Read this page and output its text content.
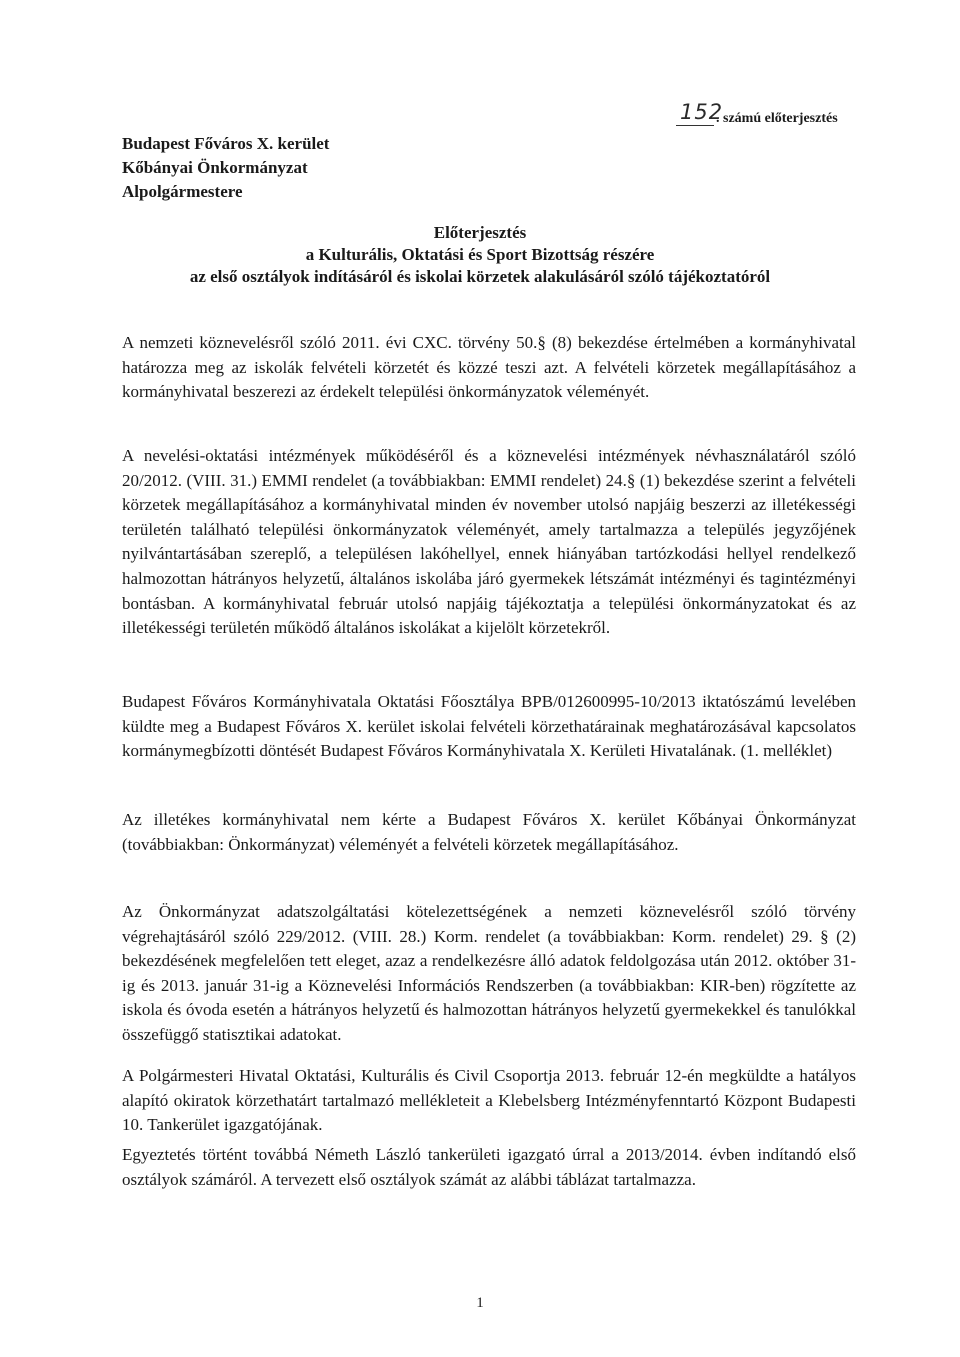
Budapest Főváros X. kerület
Kőbányai Önkormányzat
Alpolgármestere
152
. számú előterjesztés
Előterjesztés
a Kulturális, Oktatási és Sport Bizottság részére
az első osztályok indításáról és iskolai körzetek alakulásáról szóló tájékoztatóról

A nemzeti köznevelésről szóló 2011. évi CXC. törvény 50.§ (8) bekezdése értelmében a kormányhivatal határozza meg az iskolák felvételi körzetét és közzé teszi azt. A felvételi körzetek megállapításához a kormányhivatal beszerezi az érdekelt települési önkormányzatok véleményét.

A nevelési-oktatási intézmények működéséről és a köznevelési intézmények névhasználatáról szóló 20/2012. (VIII. 31.) EMMI rendelet (a továbbiakban: EMMI rendelet) 24.§ (1) bekezdése szerint a felvételi körzetek megállapításához a kormányhivatal minden év november utolsó napjáig beszerzi az illetékességi területén található települési önkormányzatok véleményét, amely tartalmazza a település jegyzőjének nyilvántartásában szereplő, a településen lakóhellyel, ennek hiányában tartózkodási hellyel rendelkező halmozottan hátrányos helyzetű, általános iskolába járó gyermekek létszámát intézményi és tagintézményi bontásban. A kormányhivatal február utolsó napjáig tájékoztatja a települési önkormányzatokat és az illetékességi területén működő általános iskolákat a kijelölt körzetekről.

Budapest Főváros Kormányhivatala Oktatási Főosztálya BPB/012600995-10/2013 iktatószámú levelében küldte meg a Budapest Főváros X. kerület iskolai felvételi körzethatárainak meghatározásával kapcsolatos kormánymegbízotti döntését Budapest Főváros Kormányhivatala X. Kerületi Hivatalának. (1. melléklet)

Az illetékes kormányhivatal nem kérte a Budapest Főváros X. kerület Kőbányai Önkormányzat (továbbiakban: Önkormányzat) véleményét a felvételi körzetek megállapításához.

Az Önkormányzat adatszolgáltatási kötelezettségének a nemzeti köznevelésről szóló törvény végrehajtásáról szóló 229/2012. (VIII. 28.) Korm. rendelet (a továbbiakban: Korm. rendelet) 29. § (2) bekezdésének megfelelően tett eleget, azaz a rendelkezésre álló adatok feldolgozása után 2012. október 31-ig és 2013. január 31-ig a Köznevelési Információs Rendszerben (a továbbiakban: KIR-ben) rögzítette az iskola és óvoda esetén a hátrányos helyzetű és halmozottan hátrányos helyzetű gyermekekkel és tanulókkal összefüggő statisztikai adatokat.

A Polgármesteri Hivatal Oktatási, Kulturális és Civil Csoportja 2013. február 12-én megküldte a hatályos alapító okiratok körzethatárt tartalmazó mellékleteit a Klebelsberg Intézményfenntartó Központ Budapesti 10. Tankerület igazgatójának.

Egyeztetés történt továbbá Németh László tankerületi igazgató úrral a 2013/2014. évben indítandó első osztályok számáról. A tervezett első osztályok számát az alábbi táblázat tartalmazza.

1
